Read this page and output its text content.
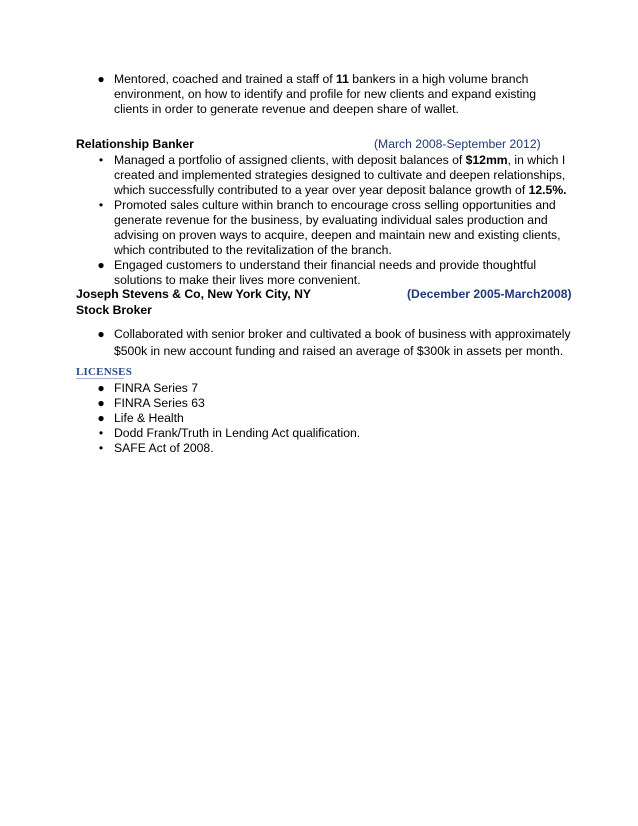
● Mentored, coached and trained a staff of 11 bankers in a high volume branch environment, on how to identify and profile for new clients and expand existing clients in order to generate revenue and deepen share of wallet.
Relationship Banker	(March 2008-September 2012)
• Managed a portfolio of assigned clients, with deposit balances of $12mm, in which I created and implemented strategies designed to cultivate and deepen relationships, which successfully contributed to a year over year deposit balance growth of 12.5%.
• Promoted sales culture within branch to encourage cross selling opportunities and generate revenue for the business, by evaluating individual sales production and advising on proven ways to acquire, deepen and maintain new and existing clients, which contributed to the revitalization of the branch.
● Engaged customers to understand their financial needs and provide thoughtful solutions to make their lives more convenient.
Joseph Stevens & Co, New York City, NY	(December 2005-March2008)
Stock Broker
● Collaborated with senior broker and cultivated a book of business with approximately $500k in new account funding and raised an average of $300k in assets per month.
LICENSES
● FINRA Series 7
● FINRA Series 63
● Life & Health
• Dodd Frank/Truth in Lending Act qualification.
• SAFE Act of 2008.
